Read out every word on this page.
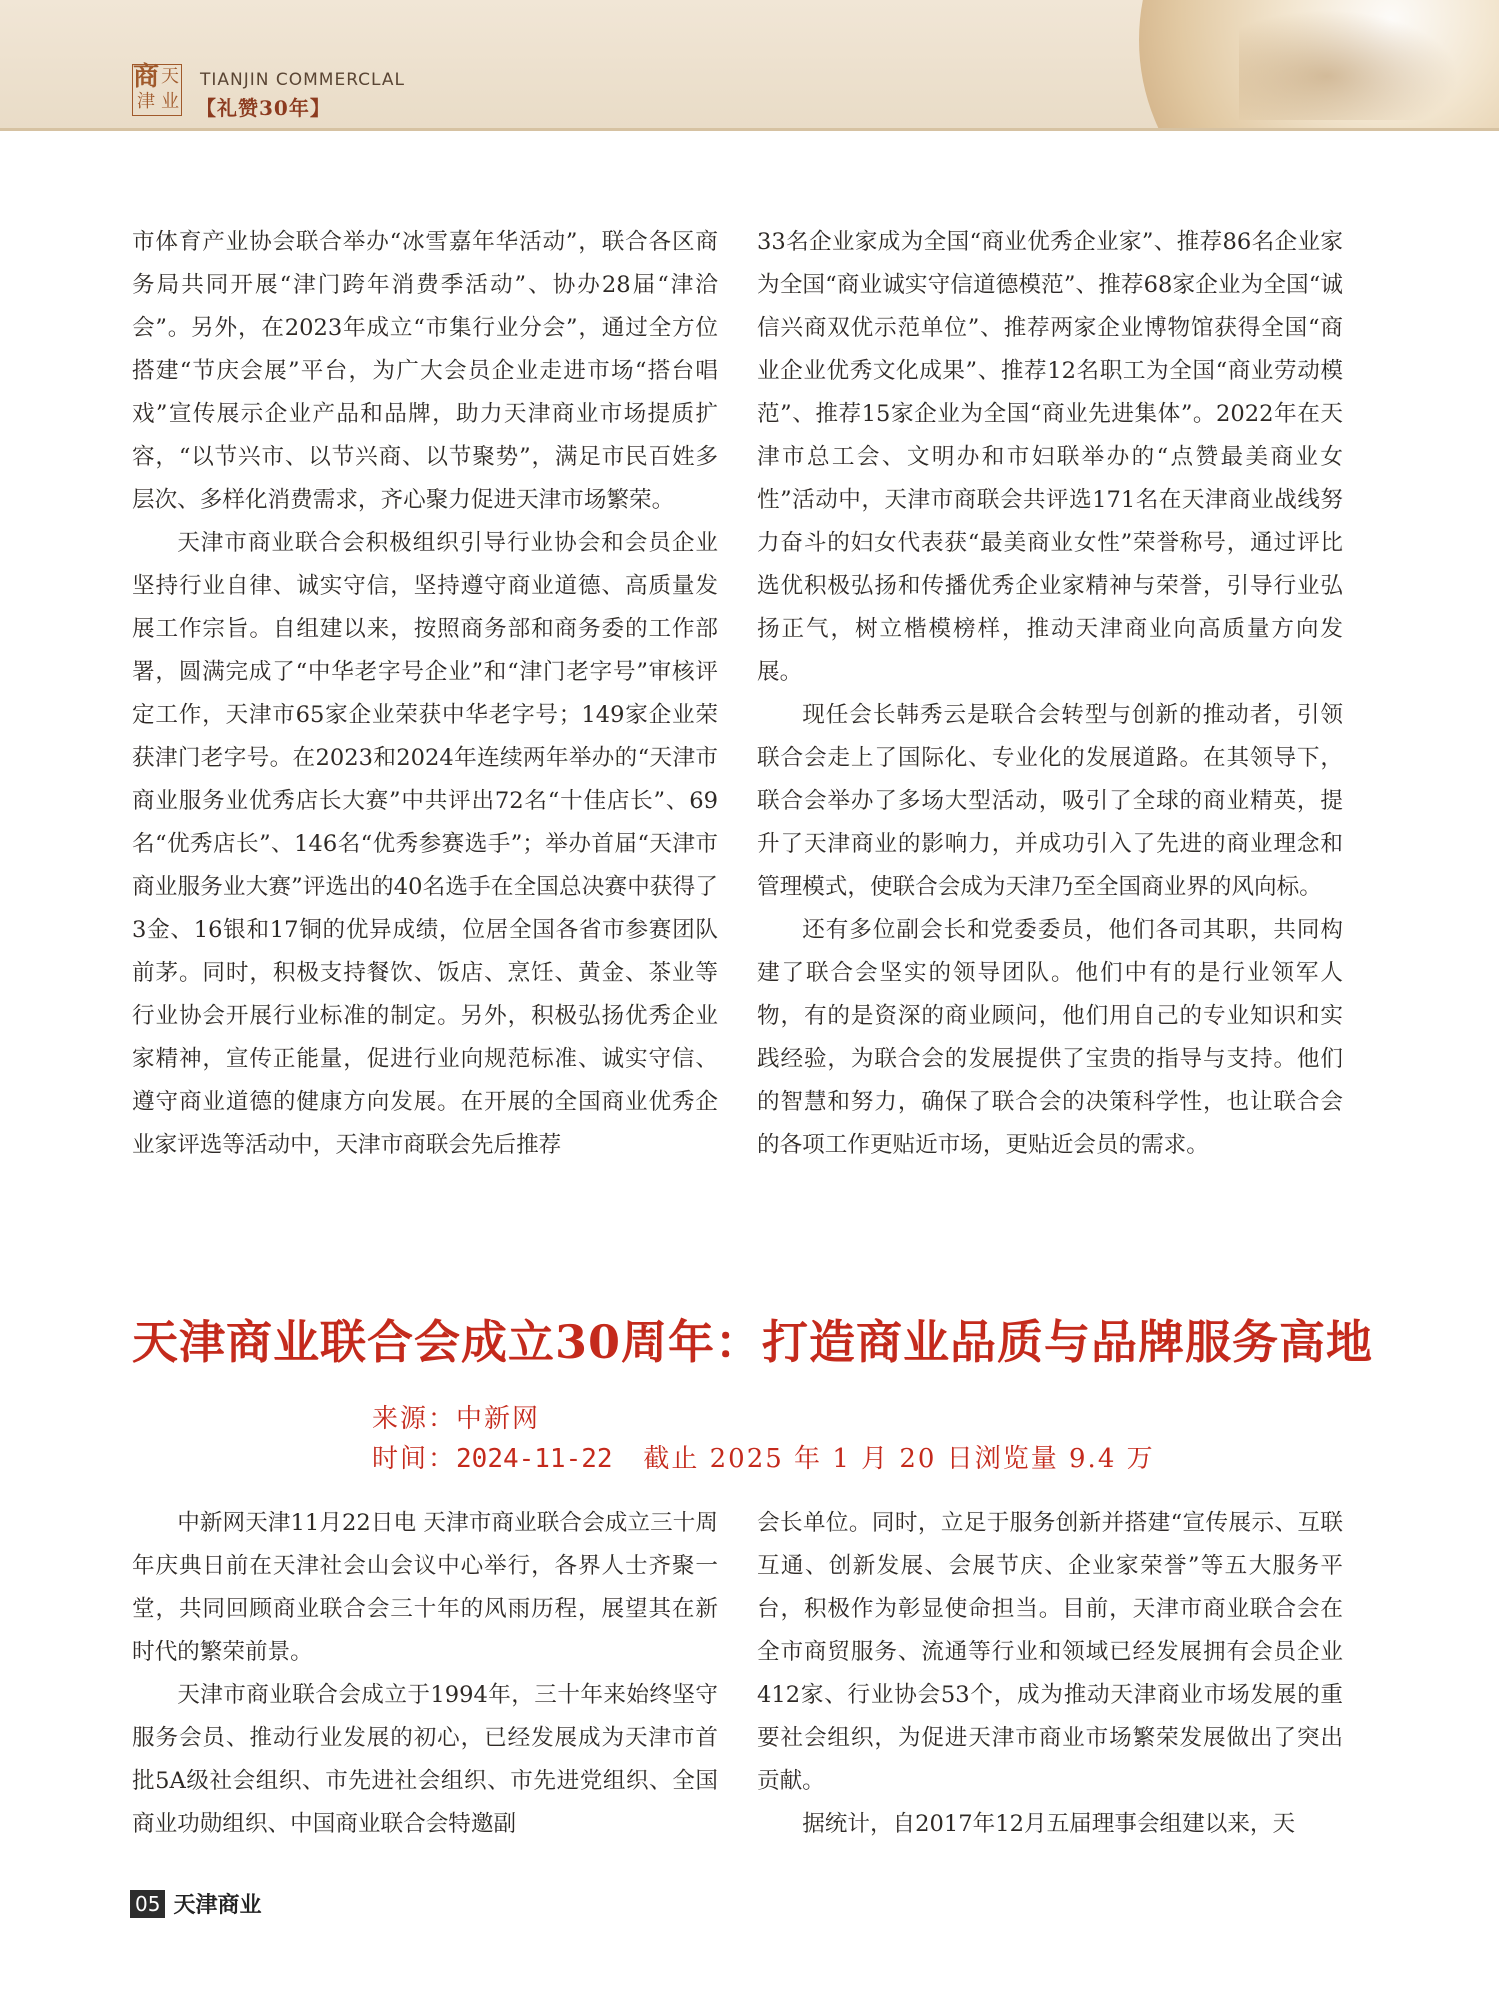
天
商
津 业
TIANJIN COMMERCLAL
【礼赞30年】

市体育产业协会联合举办“冰雪嘉年华活动”，联合各区商务局共同开展“津门跨年消费季活动”、协办28届“津洽会”。另外，在2023年成立“市集行业分会”，通过全方位搭建“节庆会展”平台，为广大会员企业走进市场“搭台唱戏”宣传展示企业产品和品牌，助力天津商业市场提质扩容，“以节兴市、以节兴商、以节聚势”，满足市民百姓多层次、多样化消费需求，齐心聚力促进天津市场繁荣。

天津市商业联合会积极组织引导行业协会和会员企业坚持行业自律、诚实守信，坚持遵守商业道德、高质量发展工作宗旨。自组建以来，按照商务部和商务委的工作部署，圆满完成了“中华老字号企业”和“津门老字号”审核评定工作，天津市65家企业荣获中华老字号；149家企业荣获津门老字号。在2023和2024年连续两年举办的“天津市商业服务业优秀店长大赛”中共评出72名“十佳店长”、69名“优秀店长”、146名“优秀参赛选手”；举办首届“天津市商业服务业大赛”评选出的40名选手在全国总决赛中获得了3金、16银和17铜的优异成绩，位居全国各省市参赛团队前茅。同时，积极支持餐饮、饭店、烹饪、黄金、茶业等行业协会开展行业标准的制定。另外，积极弘扬优秀企业家精神，宣传正能量，促进行业向规范标准、诚实守信、遵守商业道德的健康方向发展。在开展的全国商业优秀企业家评选等活动中，天津市商联会先后推荐

33名企业家成为全国“商业优秀企业家”、推荐86名企业家为全国“商业诚实守信道德模范”、推荐68家企业为全国“诚信兴商双优示范单位”、推荐两家企业博物馆获得全国“商业企业优秀文化成果”、推荐12名职工为全国“商业劳动模范”、推荐15家企业为全国“商业先进集体”。2022年在天津市总工会、文明办和市妇联举办的“点赞最美商业女性”活动中，天津市商联会共评选171名在天津商业战线努力奋斗的妇女代表获“最美商业女性”荣誉称号，通过评比选优积极弘扬和传播优秀企业家精神与荣誉，引导行业弘扬正气，树立楷模榜样，推动天津商业向高质量方向发展。

现任会长韩秀云是联合会转型与创新的推动者，引领联合会走上了国际化、专业化的发展道路。在其领导下，联合会举办了多场大型活动，吸引了全球的商业精英，提升了天津商业的影响力，并成功引入了先进的商业理念和管理模式，使联合会成为天津乃至全国商业界的风向标。

还有多位副会长和党委委员，他们各司其职，共同构建了联合会坚实的领导团队。他们中有的是行业领军人物，有的是资深的商业顾问，他们用自己的专业知识和实践经验，为联合会的发展提供了宝贵的指导与支持。他们的智慧和努力，确保了联合会的决策科学性，也让联合会的各项工作更贴近市场，更贴近会员的需求。

天津商业联合会成立30周年：打造商业品质与品牌服务高地
来源：中新网
时间：2024-11-22 截止 2025 年 1 月 20 日浏览量 9.4 万

中新网天津11月22日电 天津市商业联合会成立三十周年庆典日前在天津社会山会议中心举行，各界人士齐聚一堂，共同回顾商业联合会三十年的风雨历程，展望其在新时代的繁荣前景。

天津市商业联合会成立于1994年，三十年来始终坚守服务会员、推动行业发展的初心，已经发展成为天津市首批5A级社会组织、市先进社会组织、市先进党组织、全国商业功勋组织、中国商业联合会特邀副

会长单位。同时，立足于服务创新并搭建“宣传展示、互联互通、创新发展、会展节庆、企业家荣誉”等五大服务平台，积极作为彰显使命担当。目前，天津市商业联合会在全市商贸服务、流通等行业和领域已经发展拥有会员企业412家、行业协会53个，成为推动天津商业市场发展的重要社会组织，为促进天津市商业市场繁荣发展做出了突出贡献。

据统计，自2017年12月五届理事会组建以来，天

05 天津商业
